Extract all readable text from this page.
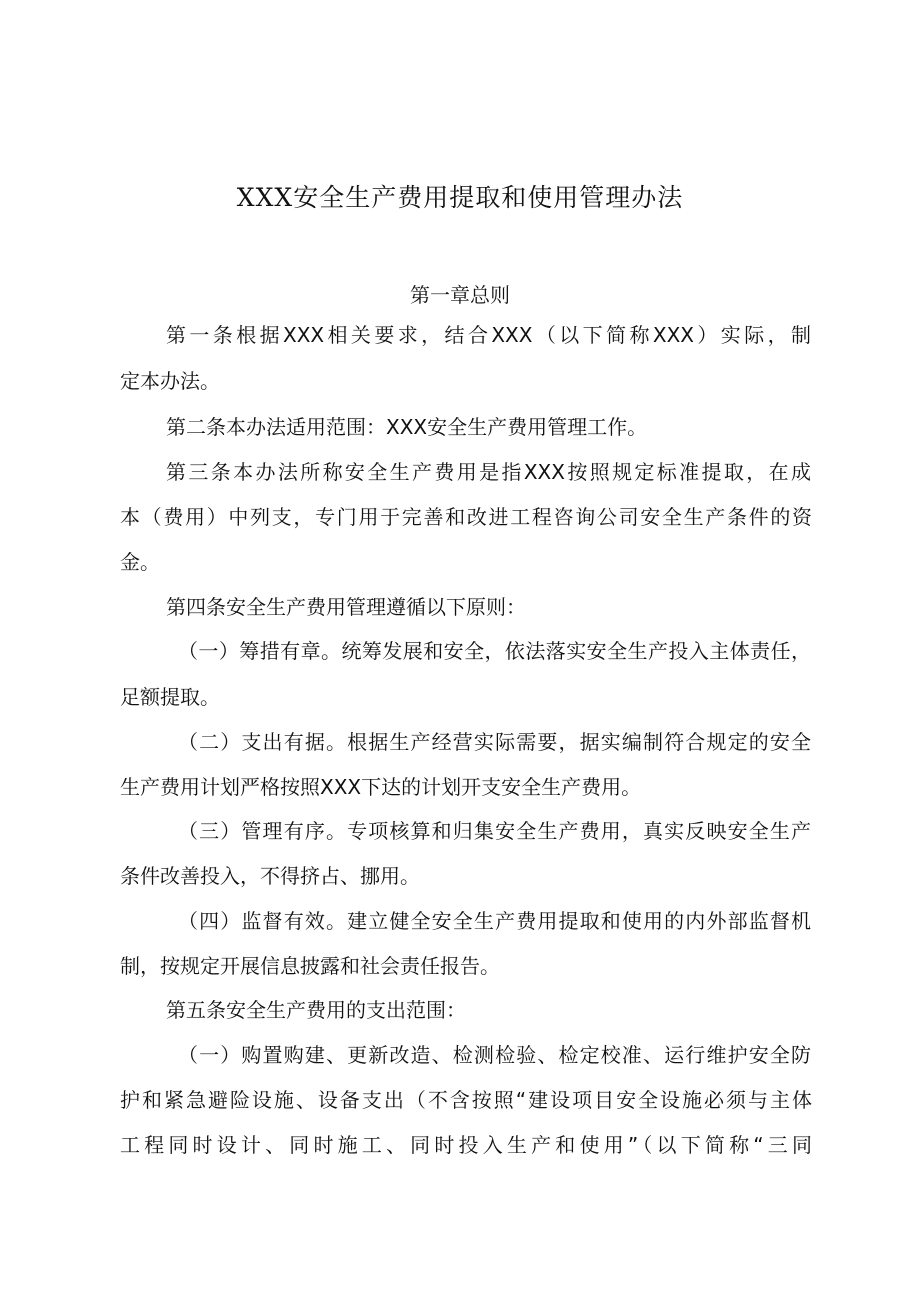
XXX安全生产费用提取和使用管理办法
第一章总则
第一条根据XXX相关要求，结合XXX（以下简称XXX）实际，制
定本办法。
第二条本办法适用范围：XXX安全生产费用管理工作。
第三条本办法所称安全生产费用是指XXX按照规定标准提取，在成
本（费用）中列支，专门用于完善和改进工程咨询公司安全生产条件的资
金。
第四条安全生产费用管理遵循以下原则：
（一）筹措有章。统筹发展和安全，依法落实安全生产投入主体责任，
足额提取。
（二）支出有据。根据生产经营实际需要，据实编制符合规定的安全
生产费用计划严格按照XXX下达的计划开支安全生产费用。
（三）管理有序。专项核算和归集安全生产费用，真实反映安全生产
条件改善投入，不得挤占、挪用。
（四）监督有效。建立健全安全生产费用提取和使用的内外部监督机
制，按规定开展信息披露和社会责任报告。
第五条安全生产费用的支出范围：
（一）购置购建、更新改造、检测检验、检定校准、运行维护安全防
护和紧急避险设施、设备支出（不含按照“建设项目安全设施必须与主体
工程同时设计、同时施工、同时投入生产和使用”（以下简称“三同
